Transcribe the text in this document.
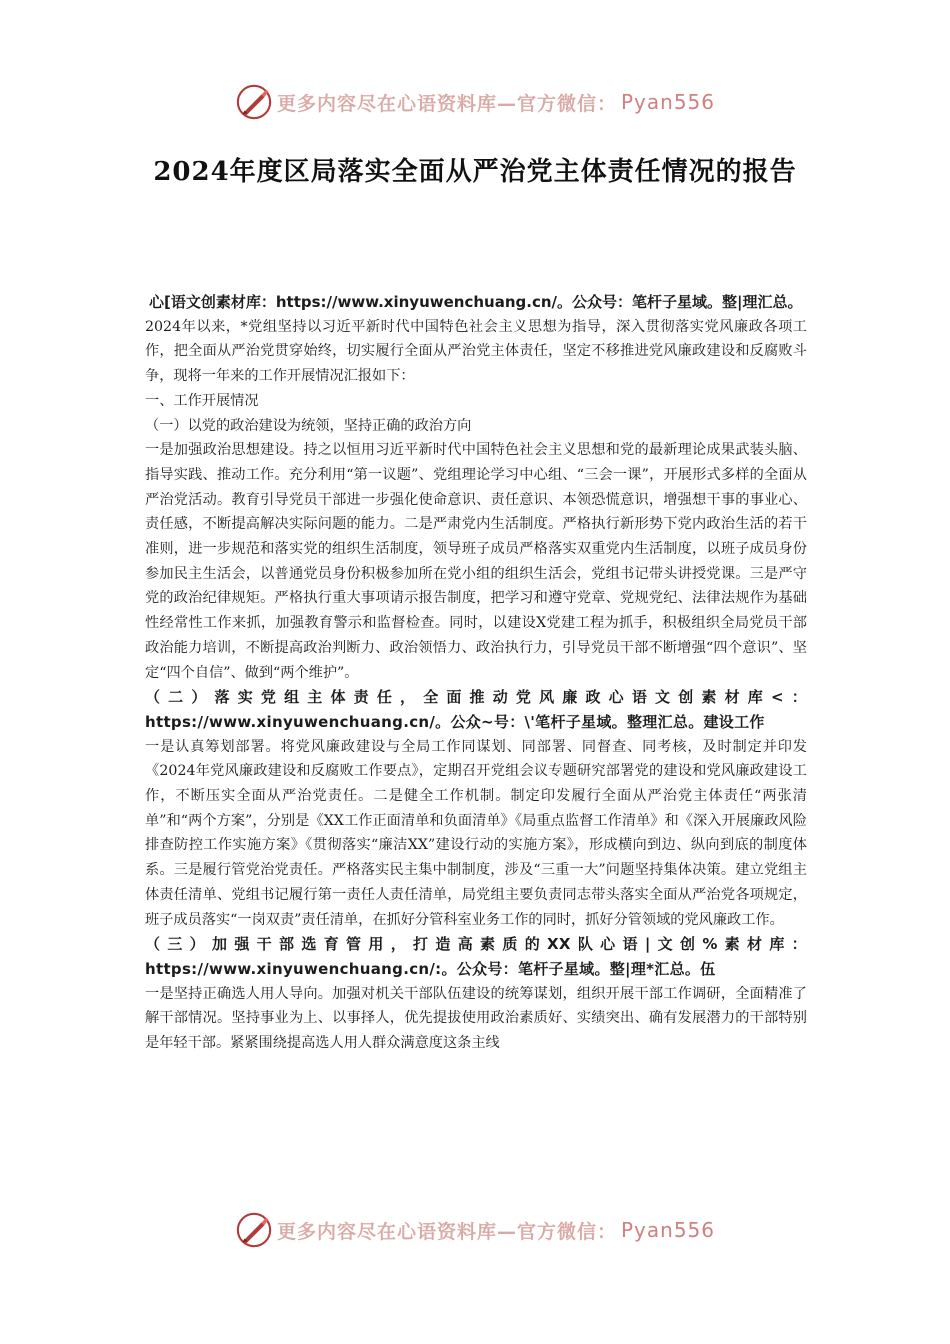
更多内容尽在心语资料库—官方微信： Pyan556
2024年度区局落实全面从严治党主体责任情况的报告

心[语文创素材库：https://www.xinyuwenchuang.cn/。公众号：笔杆子星域。整|理汇总。

2024年以来，*党组坚持以习近平新时代中国特色社会主义思想为指导，深入贯彻落实党风廉政各项工作，把全面从严治党贯穿始终，切实履行全面从严治党主体责任，坚定不移推进党风廉政建设和反腐败斗争，现将一年来的工作开展情况汇报如下：

一、工作开展情况

（一）以党的政治建设为统领，坚持正确的政治方向

一是加强政治思想建设。持之以恒用习近平新时代中国特色社会主义思想和党的最新理论成果武装头脑、指导实践、推动工作。充分利用“第一议题”、党组理论学习中心组、“三会一课”，开展形式多样的全面从严治党活动。教育引导党员干部进一步强化使命意识、责任意识、本领恐慌意识，增强想干事的事业心、责任感，不断提高解决实际问题的能力。二是严肃党内生活制度。严格执行新形势下党内政治生活的若干准则，进一步规范和落实党的组织生活制度，领导班子成员严格落实双重党内生活制度，以班子成员身份参加民主生活会，以普通党员身份积极参加所在党小组的组织生活会，党组书记带头讲授党课。三是严守党的政治纪律规矩。严格执行重大事项请示报告制度，把学习和遵守党章、党规党纪、法律法规作为基础性经常性工作来抓，加强教育警示和监督检查。同时，以建设X党建工程为抓手，积极组织全局党员干部政治能力培训，不断提高政治判断力、政治领悟力、政治执行力，引导党员干部不断增强“四个意识”、坚定“四个自信”、做到“两个维护”。

（二）落实党组主体责任，全面推动党风廉政心语文创素材库<：https://www.xinyuwenchuang.cn/。公众~号：\'笔杆子星域。整理汇总。建设工作

一是认真筹划部署。将党风廉政建设与全局工作同谋划、同部署、同督查、同考核，及时制定并印发《2024年党风廉政建设和反腐败工作要点》，定期召开党组会议专题研究部署党的建设和党风廉政建设工作，不断压实全面从严治党责任。二是健全工作机制。制定印发履行全面从严治党主体责任“两张清单”和“两个方案”，分别是《XX工作正面清单和负面清单》《局重点监督工作清单》和《深入开展廉政风险排查防控工作实施方案》《贯彻落实“廉洁XX”建设行动的实施方案》，形成横向到边、纵向到底的制度体系。三是履行管党治党责任。严格落实民主集中制制度，涉及“三重一大”问题坚持集体决策。建立党组主体责任清单、党组书记履行第一责任人责任清单，局党组主要负责同志带头落实全面从严治党各项规定，班子成员落实“一岗双责”责任清单，在抓好分管科室业务工作的同时，抓好分管领域的党风廉政工作。

（三）加强干部选育管用，打造高素质的XX队心语|文创%素材库：https://www.xinyuwenchuang.cn/:。公众号：笔杆子星域。整|理*汇总。伍

一是坚持正确选人用人导向。加强对机关干部队伍建设的统筹谋划，组织开展干部工作调研，全面精准了解干部情况。坚持事业为上、以事择人，优先提拔使用政治素质好、实绩突出、确有发展潜力的干部特别是年轻干部。紧紧围绕提高选人用人群众满意度这条主线

更多内容尽在心语资料库—官方微信： Pyan556
